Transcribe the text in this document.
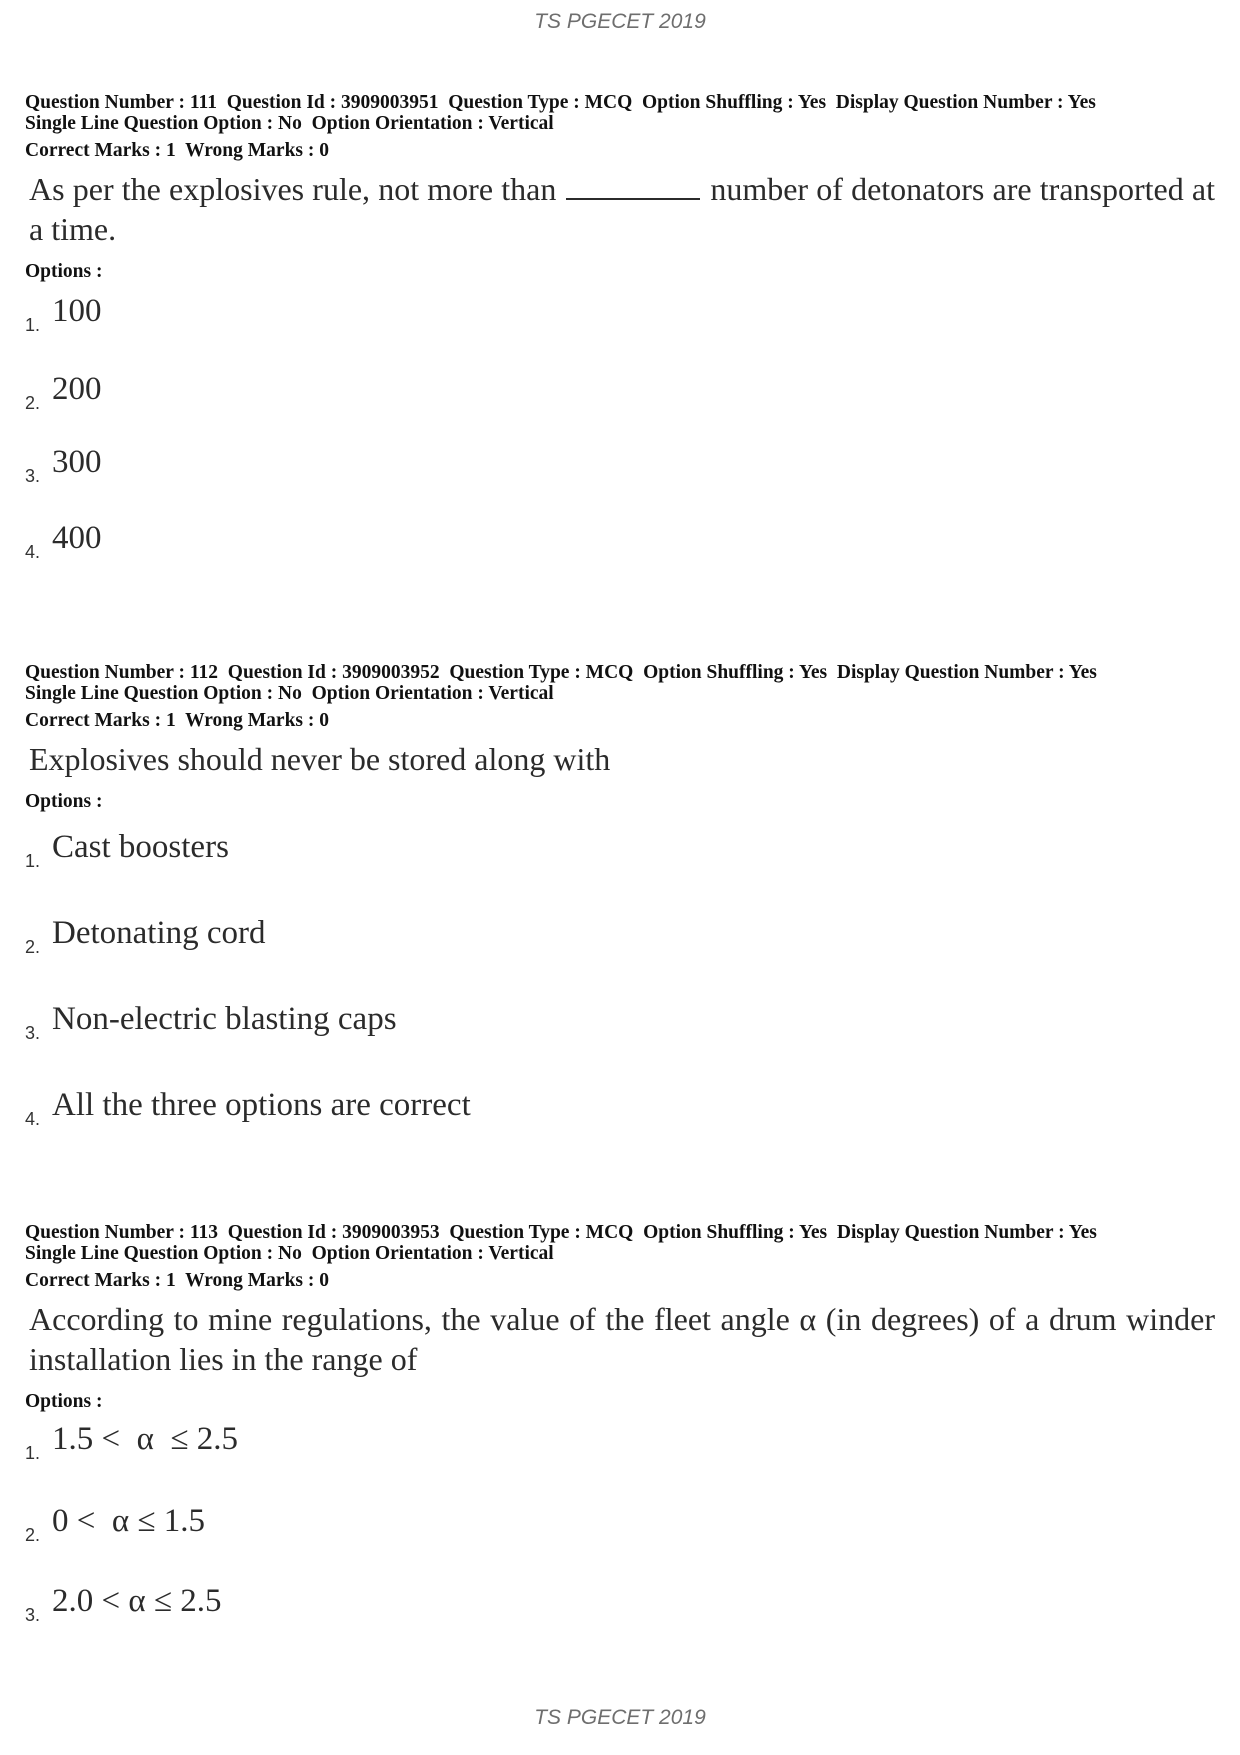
TS PGECET 2019
Question Number : 111  Question Id : 3909003951  Question Type : MCQ  Option Shuffling : Yes  Display Question Number : Yes
Single Line Question Option : No  Option Orientation : Vertical
Correct Marks : 1  Wrong Marks : 0
As per the explosives rule, not more than	number of detonators are transported at a time.
Options :
1. 100
2. 200
3. 300
4. 400
Question Number : 112  Question Id : 3909003952  Question Type : MCQ  Option Shuffling : Yes  Display Question Number : Yes
Single Line Question Option : No  Option Orientation : Vertical
Correct Marks : 1  Wrong Marks : 0
Explosives should never be stored along with
Options :
1. Cast boosters
2. Detonating cord
3. Non-electric blasting caps
4. All the three options are correct
Question Number : 113  Question Id : 3909003953  Question Type : MCQ  Option Shuffling : Yes  Display Question Number : Yes
Single Line Question Option : No  Option Orientation : Vertical
Correct Marks : 1  Wrong Marks : 0
According to mine regulations, the value of the fleet angle α (in degrees) of a drum winder installation lies in the range of
Options :
1. 1.5 <  α  ≤ 2.5
2. 0 <  α ≤ 1.5
3. 2.0 < α ≤ 2.5
TS PGECET 2019
